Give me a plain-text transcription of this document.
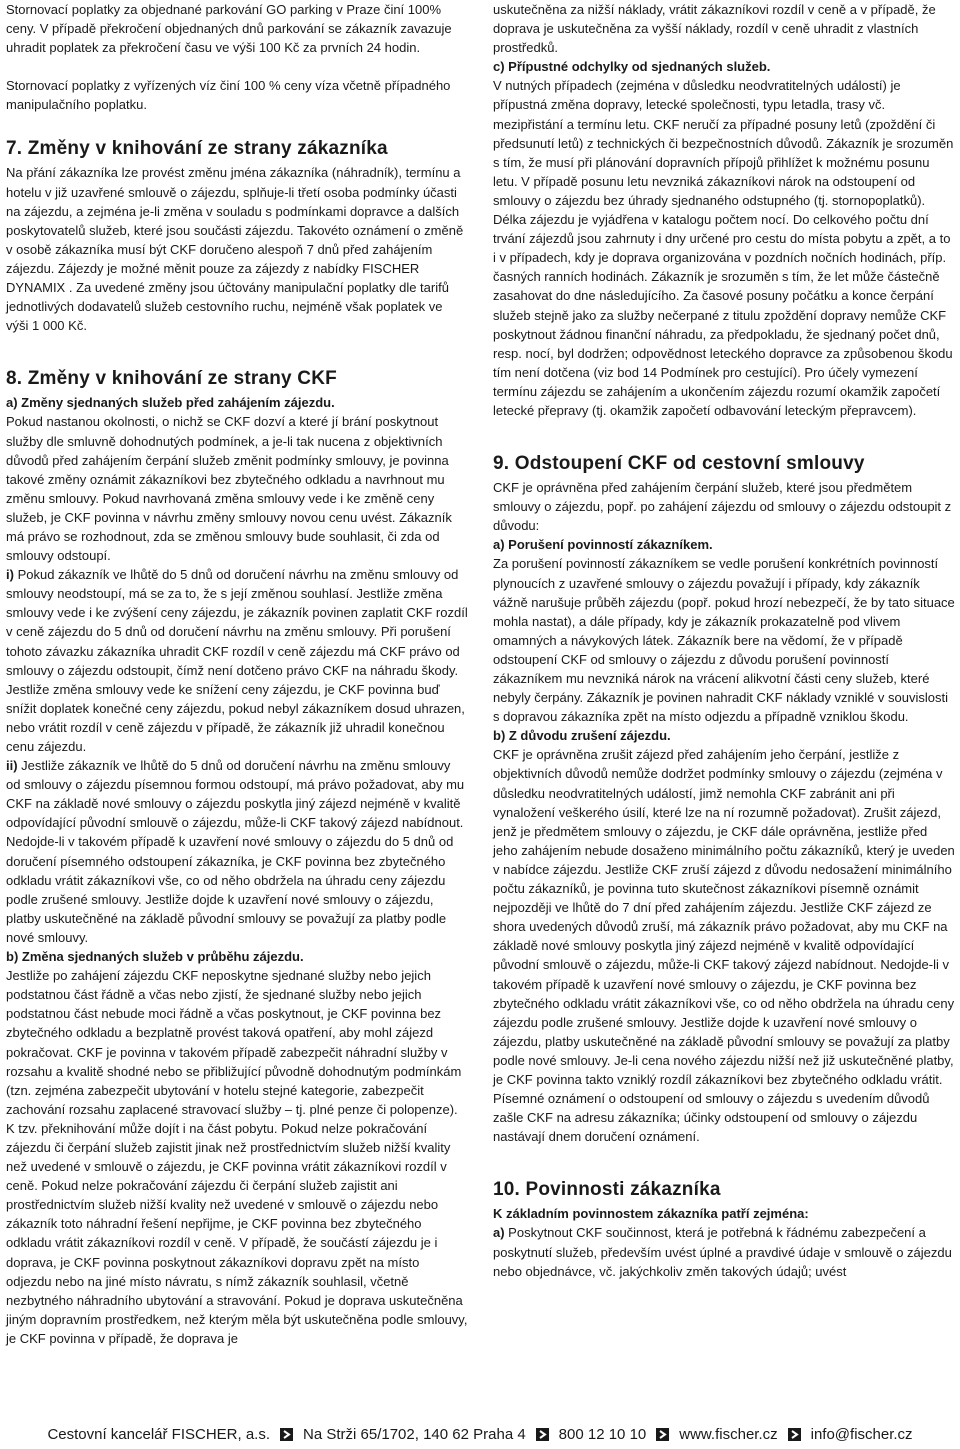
Stornovací poplatky za objednané parkování GO parking v Praze činí 100% ceny. V případě překročení objednaných dnů parkování se zákazník zavazuje uhradit poplatek za překročení času ve výši 100 Kč za prvních 24 hodin.

Stornovací poplatky z vyřízených víz činí 100 % ceny víza včetně případného manipulačního poplatku.

7. Změny v knihování ze strany zákazníka

Na přání zákazníka lze provést změnu jména zákazníka (náhradník), termínu a hotelu v již uzavřené smlouvě o zájezdu, splňuje-li třetí osoba podmínky účasti na zájezdu, a zejména je-li změna v souladu s podmínkami dopravce a dalších poskytovatelů služeb, které jsou součásti zájezdu. Takovéto oznámení o změně v osobě zákazníka musí být CKF doručeno alespoň 7 dnů před zahájením zájezdu. Zájezdy je možné měnit pouze za zájezdy z nabídky FISCHER DYNAMIX . Za uvedené změny jsou účtovány manipulační poplatky dle tarifů jednotlivých dodavatelů služeb cestovního ruchu, nejméně však poplatek ve výši 1 000 Kč.

8. Změny v knihování ze strany CKF

a) Změny sjednaných služeb před zahájením zájezdu.

Pokud nastanou okolnosti, o nichž se CKF dozví a které jí brání poskytnout služby dle smluvně dohodnutých podmínek, a je-li tak nucena z objektivních důvodů před zahájením čerpání služeb změnit podmínky smlouvy, je povinna takové změny oznámit zákazníkovi bez zbytečného odkladu a navrhnout mu změnu smlouvy. Pokud navrhovaná změna smlouvy vede i ke změně ceny služeb, je CKF povinna v návrhu změny smlouvy novou cenu uvést. Zákazník má právo se rozhodnout, zda se změnou smlouvy bude souhlasit, či zda od smlouvy odstoupí.

i) Pokud zákazník ve lhůtě do 5 dnů od doručení návrhu na změnu smlouvy od smlouvy neodstoupí, má se za to, že s její změnou souhlasí. Jestliže změna smlouvy vede i ke zvýšení ceny zájezdu, je zákazník povinen zaplatit CKF rozdíl v ceně zájezdu do 5 dnů od doručení návrhu na změnu smlouvy. Při porušení tohoto závazku zákazníka uhradit CKF rozdíl v ceně zájezdu má CKF právo od smlouvy o zájezdu odstoupit, čímž není dotčeno právo CKF na náhradu škody. Jestliže změna smlouvy vede ke snížení ceny zájezdu, je CKF povinna buď snížit doplatek konečné ceny zájezdu, pokud nebyl zákazníkem dosud uhrazen, nebo vrátit rozdíl v ceně zájezdu v případě, že zákazník již uhradil konečnou cenu zájezdu.

ii) Jestliže zákazník ve lhůtě do 5 dnů od doručení návrhu na změnu smlouvy od smlouvy o zájezdu písemnou formou odstoupí, má právo požadovat, aby mu CKF na základě nové smlouvy o zájezdu poskytla jiný zájezd nejméně v kvalitě odpovídající původní smlouvě o zájezdu, může-li CKF takový zájezd nabídnout. Nedojde-li v takovém případě k uzavření nové smlouvy o zájezdu do 5 dnů od doručení písemného odstoupení zákazníka, je CKF povinna bez zbytečného odkladu vrátit zákazníkovi vše, co od něho obdržela na úhradu ceny zájezdu podle zrušené smlouvy. Jestliže dojde k uzavření nové smlouvy o zájezdu, platby uskutečněné na základě původní smlouvy se považují za platby podle nové smlouvy.

b) Změna sjednaných služeb v průběhu zájezdu.

Jestliže po zahájení zájezdu CKF neposkytne sjednané služby nebo jejich podstatnou část řádně a včas nebo zjistí, že sjednané služby nebo jejich podstatnou část nebude moci řádně a včas poskytnout, je CKF povinna bez zbytečného odkladu a bezplatně provést taková opatření, aby mohl zájezd pokračovat. CKF je povinna v takovém případě zabezpečit náhradní služby v rozsahu a kvalitě shodné nebo se přibližující původně dohodnutým podmínkám (tzn. zejména zabezpečit ubytování v hotelu stejné kategorie, zabezpečit zachování rozsahu zaplacené stravovací služby – tj. plné penze či polopenze). K tzv. překnihování může dojít i na část pobytu. Pokud nelze pokračování zájezdu či čerpání služeb zajistit jinak než prostřednictvím služeb nižší kvality než uvedené v smlouvě o zájezdu, je CKF povinna vrátit zákazníkovi rozdíl v ceně. Pokud nelze pokračování zájezdu či čerpání služeb zajistit ani prostřednictvím služeb nižší kvality než uvedené v smlouvě o zájezdu nebo zákazník toto náhradní řešení nepřijme, je CKF povinna bez zbytečného odkladu vrátit zákazníkovi rozdíl v ceně. V případě, že součástí zájezdu je i doprava, je CKF povinna poskytnout zákazníkovi dopravu zpět na místo odjezdu nebo na jiné místo návratu, s nímž zákazník souhlasil, včetně nezbytného náhradního ubytování a stravování. Pokud je doprava uskutečněna jiným dopravním prostředkem, než kterým měla být uskutečněna podle smlouvy, je CKF povinna v případě, že doprava je

uskutečněna za nižší náklady, vrátit zákazníkovi rozdíl v ceně a v případě, že doprava je uskutečněna za vyšší náklady, rozdíl v ceně uhradit z vlastních prostředků.

c) Přípustné odchylky od sjednaných služeb.

V nutných případech (zejména v důsledku neodvratitelných událostí) je přípustná změna dopravy, letecké společnosti, typu letadla, trasy vč. mezipřistání a termínu letu. CKF neručí za případné posuny letů (zpoždění či předsunutí letů) z technických či bezpečnostních důvodů. Zákazník je srozuměn s tím, že musí při plánování dopravních přípojů přihlížet k možnému posunu letu. V případě posunu letu nevzniká zákazníkovi nárok na odstoupení od smlouvy o zájezdu bez úhrady sjednaného odstupného (tj. stornopoplatků). Délka zájezdu je vyjádřena v katalogu počtem nocí. Do celkového počtu dní trvání zájezdů jsou zahrnuty i dny určené pro cestu do místa pobytu a zpět, a to i v případech, kdy je doprava organizována v pozdních nočních hodinách, příp. časných ranních hodinách. Zákazník je srozuměn s tím, že let může částečně zasahovat do dne následujícího. Za časové posuny počátku a konce čerpání služeb stejně jako za služby nečerpané z titulu zpoždění dopravy nemůže CKF poskytnout žádnou finanční náhradu, za předpokladu, že sjednaný počet dnů, resp. nocí, byl dodržen; odpovědnost leteckého dopravce za způsobenou škodu tím není dotčena (viz bod 14 Podmínek pro cestující). Pro účely vymezení termínu zájezdu se zahájením a ukončením zájezdu rozumí okamžik započetí letecké přepravy (tj. okamžik započetí odbavování leteckým přepravcem).

9. Odstoupení CKF od cestovní smlouvy

CKF je oprávněna před zahájením čerpání služeb, které jsou předmětem smlouvy o zájezdu, popř. po zahájení zájezdu od smlouvy o zájezdu odstoupit z důvodu:

a) Porušení povinností zákazníkem.

Za porušení povinností zákazníkem se vedle porušení konkrétních povinností plynoucích z uzavřené smlouvy o zájezdu považují i případy, kdy zákazník vážně narušuje průběh zájezdu (popř. pokud hrozí nebezpečí, že by tato situace mohla nastat), a dále případy, kdy je zákazník prokazatelně pod vlivem omamných a návykových látek. Zákazník bere na vědomí, že v případě odstoupení CKF od smlouvy o zájezdu z důvodu porušení povinností zákazníkem mu nevzniká nárok na vrácení alikvotní části ceny služeb, které nebyly čerpány. Zákazník je povinen nahradit CKF náklady vzniklé v souvislosti s dopravou zákazníka zpět na místo odjezdu a případně vzniklou škodu.

b) Z důvodu zrušení zájezdu.

CKF je oprávněna zrušit zájezd před zahájením jeho čerpání, jestliže z objektivních důvodů nemůže dodržet podmínky smlouvy o zájezdu (zejména v důsledku neodvratitelných událostí, jimž nemohla CKF zabránit ani při vynaložení veškerého úsilí, které lze na ní rozumně požadovat). Zrušit zájezd, jenž je předmětem smlouvy o zájezdu, je CKF dále oprávněna, jestliže před jeho zahájením nebude dosaženo minimálního počtu zákazníků, který je uveden v nabídce zájezdu. Jestliže CKF zruší zájezd z důvodu nedosažení minimálního počtu zákazníků, je povinna tuto skutečnost zákazníkovi písemně oznámit nejpozději ve lhůtě do 7 dní před zahájením zájezdu. Jestliže CKF zájezd ze shora uvedených důvodů zruší, má zákazník právo požadovat, aby mu CKF na základě nové smlouvy poskytla jiný zájezd nejméně v kvalitě odpovídající původní smlouvě o zájezdu, může-li CKF takový zájezd nabídnout. Nedojde-li v takovém případě k uzavření nové smlouvy o zájezdu, je CKF povinna bez zbytečného odkladu vrátit zákazníkovi vše, co od něho obdržela na úhradu ceny zájezdu podle zrušené smlouvy. Jestliže dojde k uzavření nové smlouvy o zájezdu, platby uskutečněné na základě původní smlouvy se považují za platby podle nové smlouvy. Je-li cena nového zájezdu nižší než již uskutečněné platby, je CKF povinna takto vzniklý rozdíl zákazníkovi bez zbytečného odkladu vrátit. Písemné oznámení o odstoupení od smlouvy o zájezdu s uvedením důvodů zašle CKF na adresu zákazníka; účinky odstoupení od smlouvy o zájezdu nastávají dnem doručení oznámení.

10. Povinnosti zákazníka

K základním povinnostem zákazníka patří zejména:

a) Poskytnout CKF součinnost, která je potřebná k řádnému zabezpečení a poskytnutí služeb, především uvést úplné a pravdivé údaje v smlouvě o zájezdu nebo objednávce, vč. jakýchkoliv změn takových údajů; uvést

Cestovní kancelář FISCHER, a.s. Na Strži 65/1702, 140 62 Praha 4 800 12 10 10 www.fischer.cz info@fischer.cz
